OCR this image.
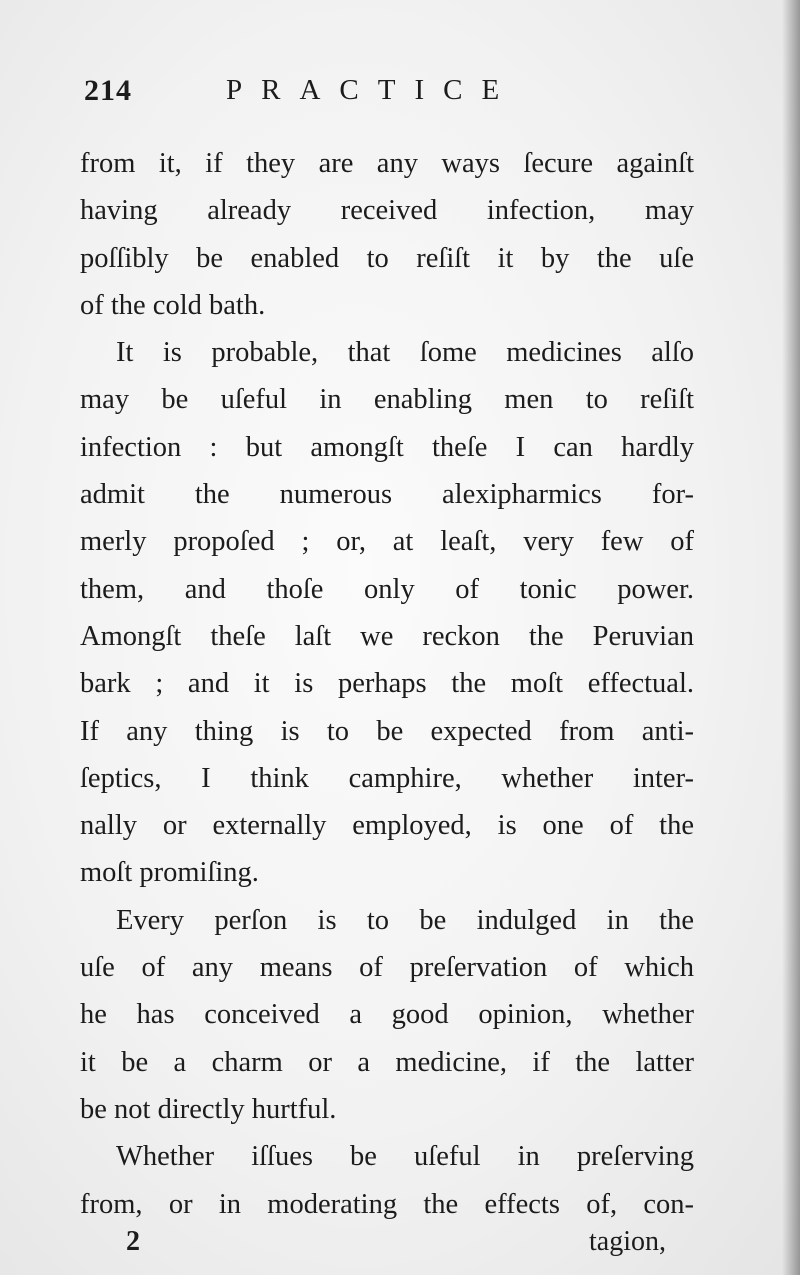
214	PRACTICE
from it, if they are any ways ſecure againſt
having already received infection, may
poſſibly be enabled to reſiſt it by the uſe
of the cold bath.
It is probable, that ſome medicines alſo
may be uſeful in enabling men to reſiſt
infection : but amongſt theſe I can hardly
admit the numerous alexipharmics for-
merly propoſed ; or, at leaſt, very few of
them, and thoſe only of tonic power.
Amongſt theſe laſt we reckon the Peruvian
bark ; and it is perhaps the moſt effectual.
If any thing is to be expected from anti-
ſeptics, I think camphire, whether inter-
nally or externally employed, is one of the
moſt promiſing.
Every perſon is to be indulged in the
uſe of any means of preſervation of which
he has conceived a good opinion, whether
it be a charm or a medicine, if the latter
be not directly hurtful.
Whether iſſues be uſeful in preſerving
from, or in moderating the effects of, con-
2	tagion,
